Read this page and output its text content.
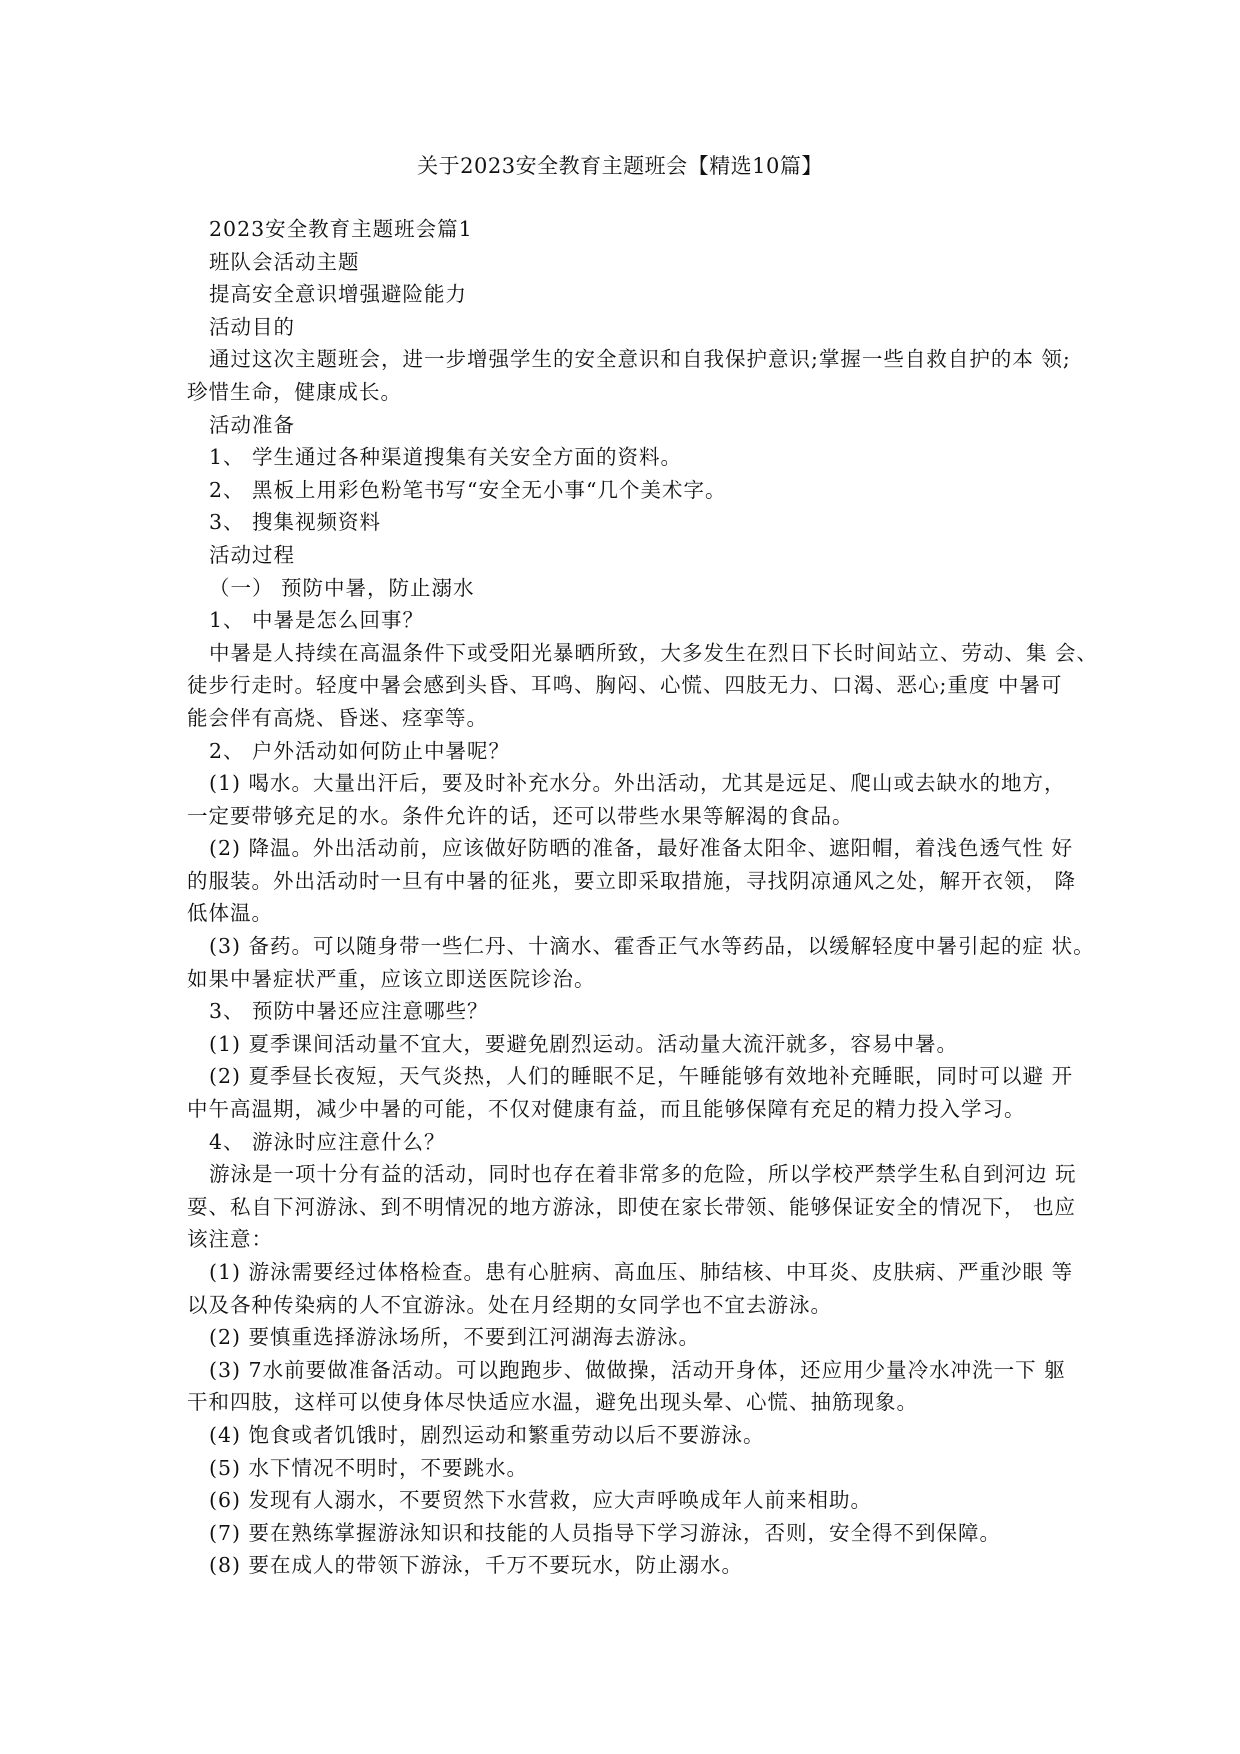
关于2023安全教育主题班会【精选10篇】
2023安全教育主题班会篇1
班队会活动主题
提高安全意识增强避险能力
活动目的
通过这次主题班会，进一步增强学生的安全意识和自我保护意识;掌握一些自救自护的本 领;
珍惜生命，健康成长。
活动准备
1、 学生通过各种渠道搜集有关安全方面的资料。
2、 黑板上用彩色粉笔书写“安全无小事“几个美术字。
3、 搜集视频资料
活动过程
（一） 预防中暑，防止溺水
1、 中暑是怎么回事？
中暑是人持续在高温条件下或受阳光暴晒所致，大多发生在烈日下长时间站立、劳动、集 会、
徒步行走时。轻度中暑会感到头昏、耳鸣、胸闷、心慌、四肢无力、口渴、恶心;重度 中暑可
能会伴有高烧、昏迷、痉挛等。
2、 户外活动如何防止中暑呢？
(1) 喝水。大量出汗后，要及时补充水分。外出活动，尤其是远足、爬山或去缺水的地方，
一定要带够充足的水。条件允许的话，还可以带些水果等解渴的食品。
(2) 降温。外出活动前，应该做好防晒的准备，最好准备太阳伞、遮阳帽，着浅色透气性 好
的服装。外出活动时一旦有中暑的征兆，要立即采取措施，寻找阴凉通风之处，解开衣领， 降
低体温。
(3) 备药。可以随身带一些仁丹、十滴水、霍香正气水等药品，以缓解轻度中暑引起的症 状。
如果中暑症状严重，应该立即送医院诊治。
3、 预防中暑还应注意哪些？
(1) 夏季课间活动量不宜大，要避免剧烈运动。活动量大流汗就多，容易中暑。
(2) 夏季昼长夜短，天气炎热，人们的睡眠不足，午睡能够有效地补充睡眠，同时可以避 开
中午高温期，减少中暑的可能，不仅对健康有益，而且能够保障有充足的精力投入学习。
4、 游泳时应注意什么？
游泳是一项十分有益的活动，同时也存在着非常多的危险，所以学校严禁学生私自到河边 玩
耍、私自下河游泳、到不明情况的地方游泳，即使在家长带领、能够保证安全的情况下， 也应
该注意：
(1) 游泳需要经过体格检查。患有心脏病、高血压、肺结核、中耳炎、皮肤病、严重沙眼 等
以及各种传染病的人不宜游泳。处在月经期的女同学也不宜去游泳。
(2) 要慎重选择游泳场所，不要到江河湖海去游泳。
(3) 7水前要做准备活动。可以跑跑步、做做操，活动开身体，还应用少量冷水冲洗一下 躯
干和四肢，这样可以使身体尽快适应水温，避免出现头晕、心慌、抽筋现象。
(4) 饱食或者饥饿时，剧烈运动和繁重劳动以后不要游泳。
(5) 水下情况不明时，不要跳水。
(6) 发现有人溺水，不要贸然下水营救，应大声呼唤成年人前来相助。
(7) 要在熟练掌握游泳知识和技能的人员指导下学习游泳，否则，安全得不到保障。
(8) 要在成人的带领下游泳，千万不要玩水，防止溺水。
